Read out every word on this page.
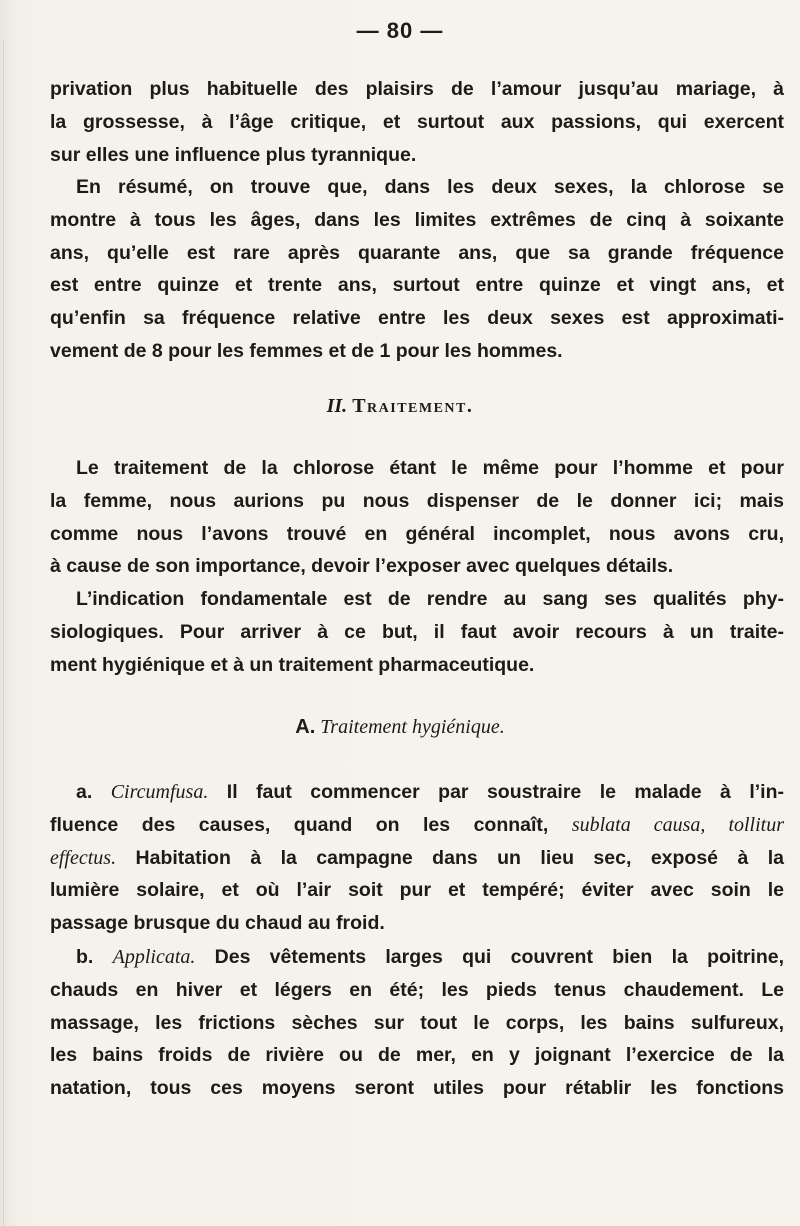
— 80 —
privation plus habituelle des plaisirs de l’amour jusqu’au mariage, à
la grossesse, à l’âge critique, et surtout aux passions, qui exercent
sur elles une influence plus tyrannique.
En résumé, on trouve que, dans les deux sexes, la chlorose se
montre à tous les âges, dans les limites extrêmes de cinq à soixante
ans, qu’elle est rare après quarante ans, que sa grande fréquence
est entre quinze et trente ans, surtout entre quinze et vingt ans, et
qu’enfin sa fréquence relative entre les deux sexes est approximati-
vement de 8 pour les femmes et de 1 pour les hommes.
II. Traitement.
Le traitement de la chlorose étant le même pour l’homme et pour
la femme, nous aurions pu nous dispenser de le donner ici; mais
comme nous l’avons trouvé en général incomplet, nous avons cru,
à cause de son importance, devoir l’exposer avec quelques détails.
L’indication fondamentale est de rendre au sang ses qualités phy-
siologiques. Pour arriver à ce but, il faut avoir recours à un traite-
ment hygiénique et à un traitement pharmaceutique.
A. Traitement hygiénique.
a. Circumfusa. Il faut commencer par soustraire le malade à l’in-
fluence des causes, quand on les connaît, sublata causa, tollitur
effectus. Habitation à la campagne dans un lieu sec, exposé à la
lumière solaire, et où l’air soit pur et tempéré; éviter avec soin le
passage brusque du chaud au froid.
b. Applicata. Des vêtements larges qui couvrent bien la poitrine,
chauds en hiver et légers en été; les pieds tenus chaudement. Le
massage, les frictions sèches sur tout le corps, les bains sulfureux,
les bains froids de rivière ou de mer, en y joignant l’exercice de la
natation, tous ces moyens seront utiles pour rétablir les fonctions
